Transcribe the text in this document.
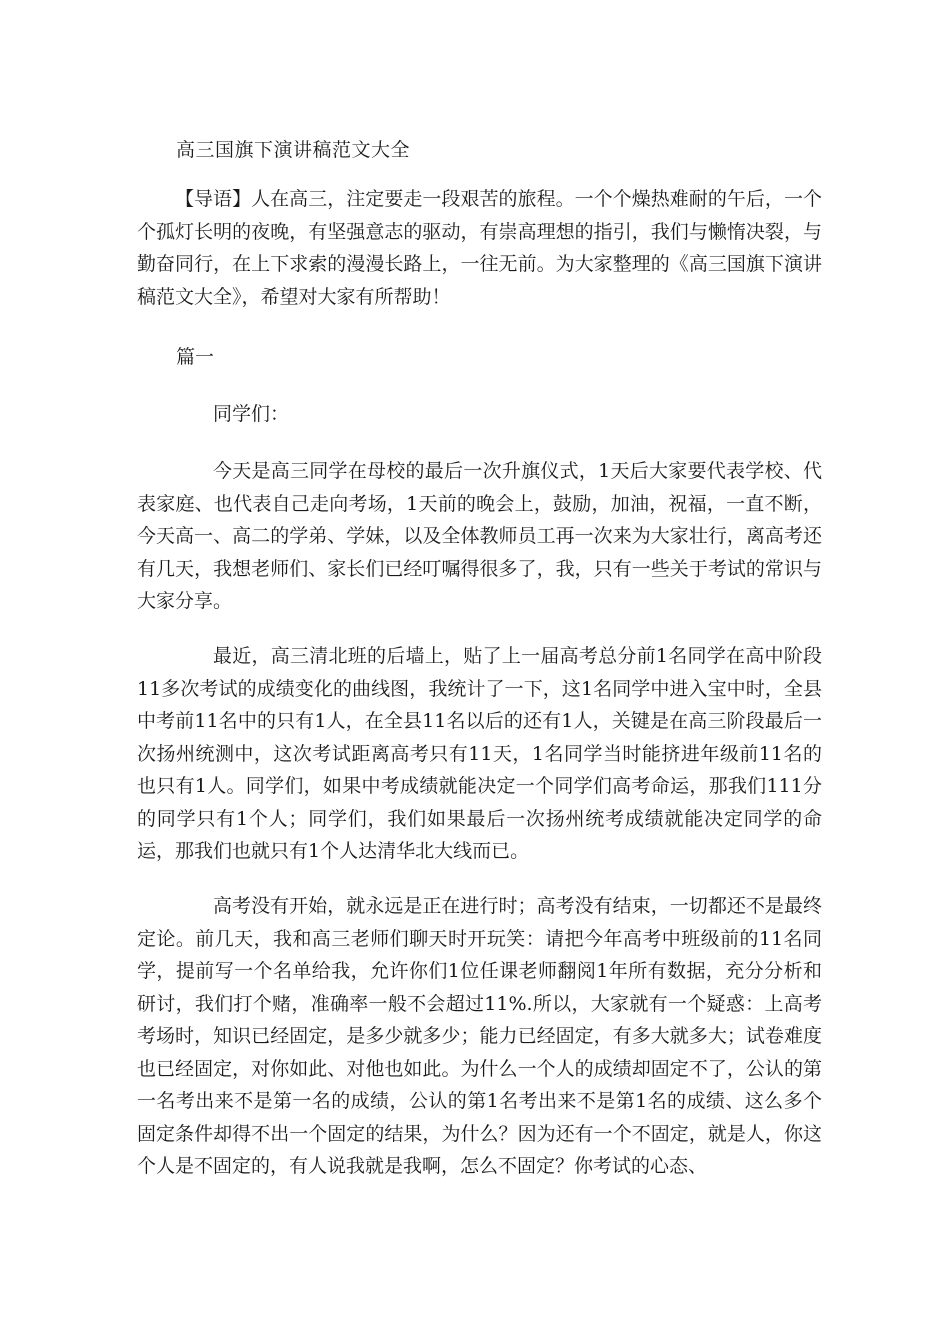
高三国旗下演讲稿范文大全

【导语】人在高三，注定要走一段艰苦的旅程。一个个燥热难耐的午后，一个个孤灯长明的夜晚，有坚强意志的驱动，有崇高理想的指引，我们与懒惰决裂，与勤奋同行，在上下求索的漫漫长路上，一往无前。为大家整理的《高三国旗下演讲稿范文大全》，希望对大家有所帮助！

篇一

同学们：

今天是高三同学在母校的最后一次升旗仪式，1天后大家要代表学校、代表家庭、也代表自己走向考场，1天前的晚会上，鼓励，加油，祝福，一直不断，今天高一、高二的学弟、学妹，以及全体教师员工再一次来为大家壮行，离高考还有几天，我想老师们、家长们已经叮嘱得很多了，我，只有一些关于考试的常识与大家分享。

最近，高三清北班的后墙上，贴了上一届高考总分前1名同学在高中阶段11多次考试的成绩变化的曲线图，我统计了一下，这1名同学中进入宝中时，全县中考前11名中的只有1人，在全县11名以后的还有1人，关键是在高三阶段最后一次扬州统测中，这次考试距离高考只有11天，1名同学当时能挤进年级前11名的也只有1人。同学们，如果中考成绩就能决定一个同学们高考命运，那我们111分的同学只有1个人；同学们，我们如果最后一次扬州统考成绩就能决定同学的命运，那我们也就只有1个人达清华北大线而已。

高考没有开始，就永远是正在进行时；高考没有结束，一切都还不是最终定论。前几天，我和高三老师们聊天时开玩笑：请把今年高考中班级前的11名同学，提前写一个名单给我，允许你们1位任课老师翻阅1年所有数据，充分分析和研讨，我们打个赌，准确率一般不会超过11%.所以，大家就有一个疑惑：上高考考场时，知识已经固定，是多少就多少；能力已经固定，有多大就多大；试卷难度也已经固定，对你如此、对他也如此。为什么一个人的成绩却固定不了，公认的第一名考出来不是第一名的成绩，公认的第1名考出来不是第1名的成绩、这么多个固定条件却得不出一个固定的结果，为什么？因为还有一个不固定，就是人，你这个人是不固定的，有人说我就是我啊，怎么不固定？你考试的心态、
